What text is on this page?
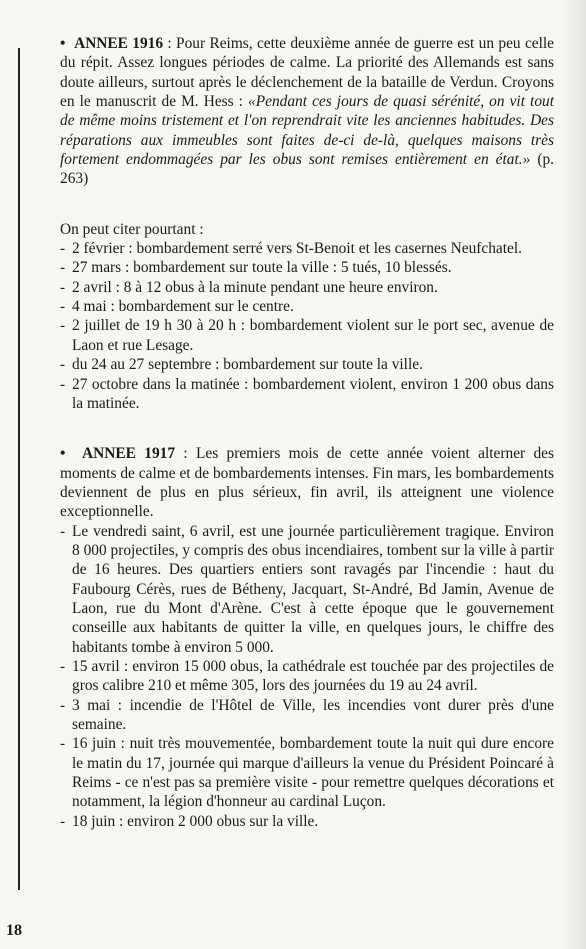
• ANNEE 1916 : Pour Reims, cette deuxième année de guerre est un peu celle du répit. Assez longues périodes de calme. La priorité des Allemands est sans doute ailleurs, surtout après le déclenchement de la bataille de Verdun. Croyons en le manuscrit de M. Hess : «Pendant ces jours de quasi sérénité, on vit tout de même moins tristement et l'on reprendrait vite les anciennes habitudes. Des réparations aux immeubles sont faites de-ci de-là, quelques maisons très fortement endommagées par les obus sont remises entièrement en état.» (p. 263)

On peut citer pourtant :

- 2 février : bombardement serré vers St-Benoit et les casernes Neufchatel.

- 27 mars : bombardement sur toute la ville : 5 tués, 10 blessés.

- 2 avril : 8 à 12 obus à la minute pendant une heure environ.

- 4 mai : bombardement sur le centre.

- 2 juillet de 19 h 30 à 20 h : bombardement violent sur le port sec, avenue de Laon et rue Lesage.

- du 24 au 27 septembre : bombardement sur toute la ville.

- 27 octobre dans la matinée : bombardement violent, environ 1 200 obus dans la matinée.

• ANNEE 1917 : Les premiers mois de cette année voient alterner des moments de calme et de bombardements intenses. Fin mars, les bombardements deviennent de plus en plus sérieux, fin avril, ils atteignent une violence exceptionnelle.

- Le vendredi saint, 6 avril, est une journée particulièrement tragique. Environ 8 000 projectiles, y compris des obus incendiaires, tombent sur la ville à partir de 16 heures. Des quartiers entiers sont ravagés par l'incendie : haut du Faubourg Cérès, rues de Bétheny, Jacquart, St-André, Bd Jamin, Avenue de Laon, rue du Mont d'Arène. C'est à cette époque que le gouvernement conseille aux habitants de quitter la ville, en quelques jours, le chiffre des habitants tombe à environ 5 000.

- 15 avril : environ 15 000 obus, la cathédrale est touchée par des projectiles de gros calibre 210 et même 305, lors des journées du 19 au 24 avril.

- 3 mai : incendie de l'Hôtel de Ville, les incendies vont durer près d'une semaine.

- 16 juin : nuit très mouvementée, bombardement toute la nuit qui dure encore le matin du 17, journée qui marque d'ailleurs la venue du Président Poincaré à Reims - ce n'est pas sa première visite - pour remettre quelques décorations et notamment, la légion d'honneur au cardinal Luçon.

- 18 juin : environ 2 000 obus sur la ville.

18
